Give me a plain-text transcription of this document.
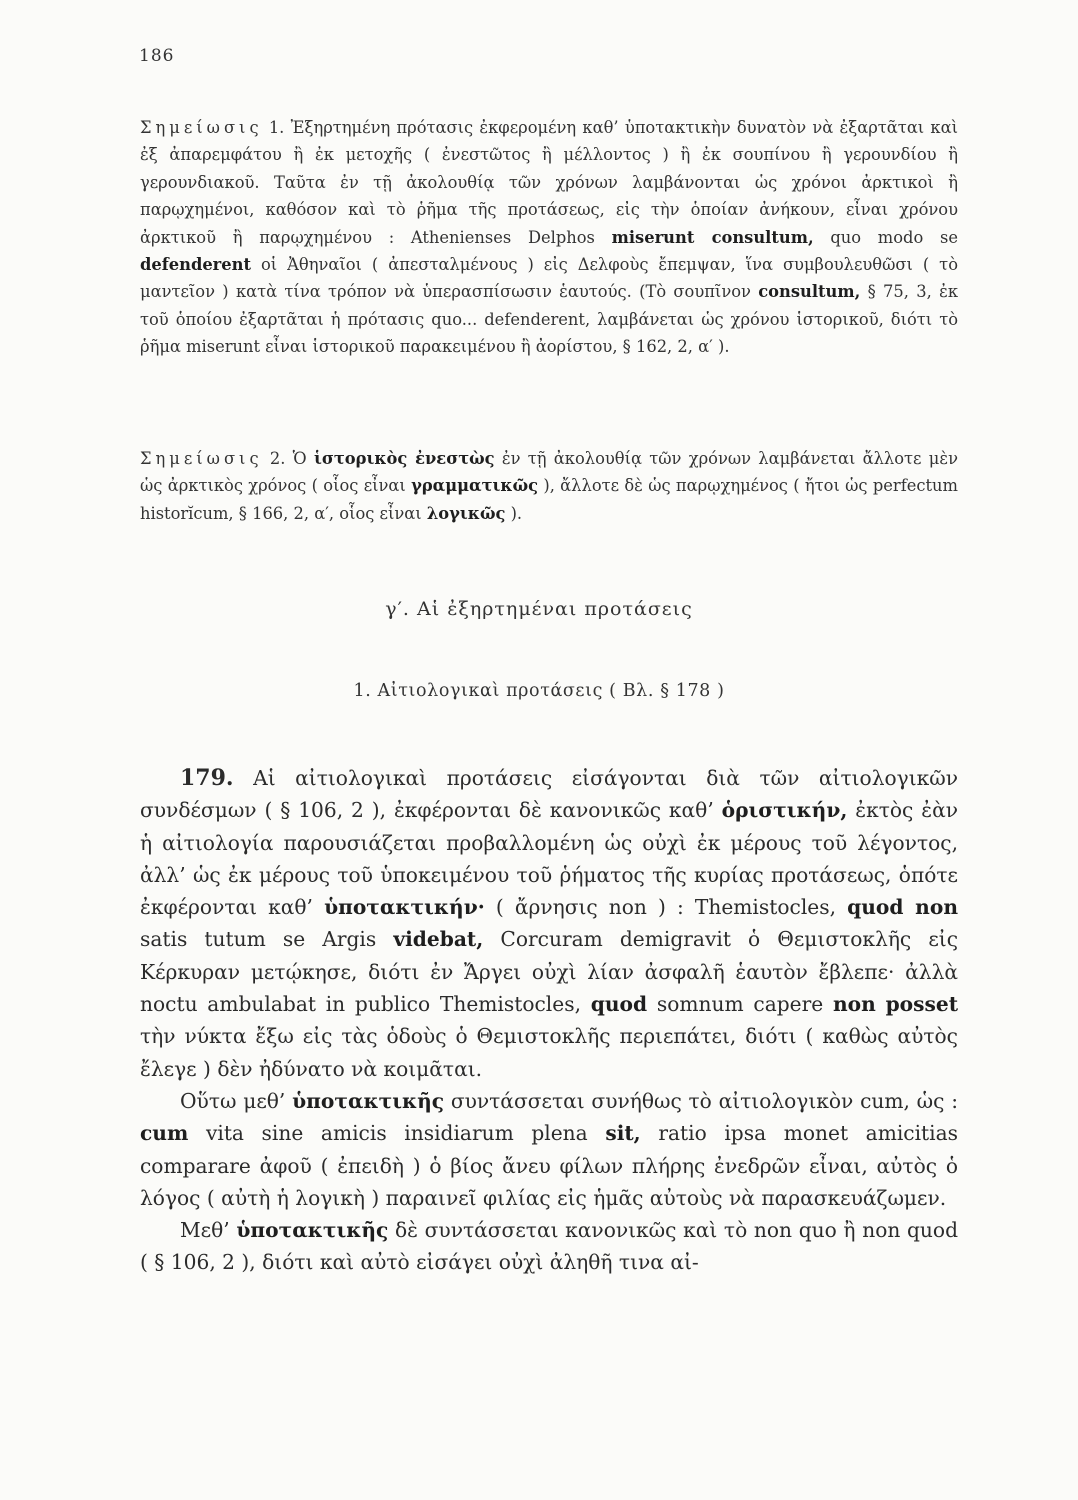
186
Σημείωσις 1. Ἐξηρτημένη πρότασις ἐκφερομένη καθ’ ὑποτακτικὴν δυνατὸν νὰ ἐξαρτᾶται καὶ ἐξ ἀπαρεμφάτου ἢ ἐκ μετοχῆς ( ἐνεστῶτος ἢ μέλλοντος ) ἢ ἐκ σουπίνου ἢ γερουνδίου ἢ γερουνδιακοῦ. Ταῦτα ἐν τῇ ἀκολουθίᾳ τῶν χρόνων λαμβάνονται ὡς χρόνοι ἀρκτικοὶ ἢ παρῳχημένοι, καθόσον καὶ τὸ ῥῆμα τῆς προτάσεως, εἰς τὴν ὁποίαν ἀνήκουν, εἶναι χρόνου ἀρκτικοῦ ἢ παρῳχημένου : Athenienses Delphos miserunt consultum, quo modo se defenderent οἱ Ἀθηναῖοι ( ἀπεσταλμένους ) εἰς Δελφοὺς ἔπεμψαν, ἵνα συμβουλευθῶσι ( τὸ μαντεῖον ) κατὰ τίνα τρόπον νὰ ὑπερασπίσωσιν ἑαυτούς. (Τὸ σουπῖνον consultum, § 75, 3, ἐκ τοῦ ὁποίου ἐξαρτᾶται ἡ πρότασις quo... defenderent, λαμβάνεται ὡς χρόνου ἱστορικοῦ, διότι τὸ ῥῆμα miserunt εἶναι ἱστορικοῦ παρακειμένου ἢ ἀορίστου, § 162, 2, α′ ).
Σημείωσις 2. Ὁ ἱστορικὸς ἐνεστὼς ἐν τῇ ἀκολουθίᾳ τῶν χρόνων λαμβάνεται ἄλλοτε μὲν ὡς ἀρκτικὸς χρόνος ( οἷος εἶναι γραμματικῶς ), ἄλλοτε δὲ ὡς παρῳχημένος ( ἤτοι ὡς perfectum historĭcum, § 166, 2, α′, οἷος εἶναι λογικῶς ).
γ′. Αἱ ἐξηρτημέναι προτάσεις
1. Αἰτιολογικαὶ προτάσεις ( Βλ. § 178 )

179. Αἱ αἰτιολογικαὶ προτάσεις εἰσάγονται διὰ τῶν αἰτιολογικῶν συνδέσμων ( § 106, 2 ), ἐκφέρονται δὲ κανονικῶς καθ’ ὁριστικήν, ἐκτὸς ἐὰν ἡ αἰτιολογία παρουσιάζεται προβαλλομένη ὡς οὐχὶ ἐκ μέρους τοῦ λέγοντος, ἀλλ’ ὡς ἐκ μέρους τοῦ ὑποκειμένου τοῦ ῥήματος τῆς κυρίας προτάσεως, ὁπότε ἐκφέρονται καθ’ ὑποτακτικήν· ( ἄρνησις non ) : Themistocles, quod non satis tutum se Argis videbat, Corcuram demigravit ὁ Θεμιστοκλῆς εἰς Κέρκυραν μετῴκησε, διότι ἐν Ἄργει οὐχὶ λίαν ἀσφαλῆ ἑαυτὸν ἔβλεπε· ἀλλὰ noctu ambulabat in publico Themistocles, quod somnum capere non posset τὴν νύκτα ἔξω εἰς τὰς ὁδοὺς ὁ Θεμιστοκλῆς περιεπάτει, διότι ( καθὼς αὐτὸς ἔλεγε ) δὲν ἠδύνατο νὰ κοιμᾶται.

Οὕτω μεθ’ ὑποτακτικῆς συντάσσεται συνήθως τὸ αἰτιολογικὸν cum, ὡς : cum vita sine amicis insidiarum plena sit, ratio ipsa monet amicitias comparare ἀφοῦ ( ἐπειδὴ ) ὁ βίος ἄνευ φίλων πλήρης ἐνεδρῶν εἶναι, αὐτὸς ὁ λόγος ( αὐτὴ ἡ λογικὴ ) παραινεῖ φιλίας εἰς ἡμᾶς αὐτοὺς νὰ παρασκευάζωμεν.

Μεθ’ ὑποτακτικῆς δὲ συντάσσεται κανονικῶς καὶ τὸ non quo ἢ non quod ( § 106, 2 ), διότι καὶ αὐτὸ εἰσάγει οὐχὶ ἀληθῆ τινα αἰ-
